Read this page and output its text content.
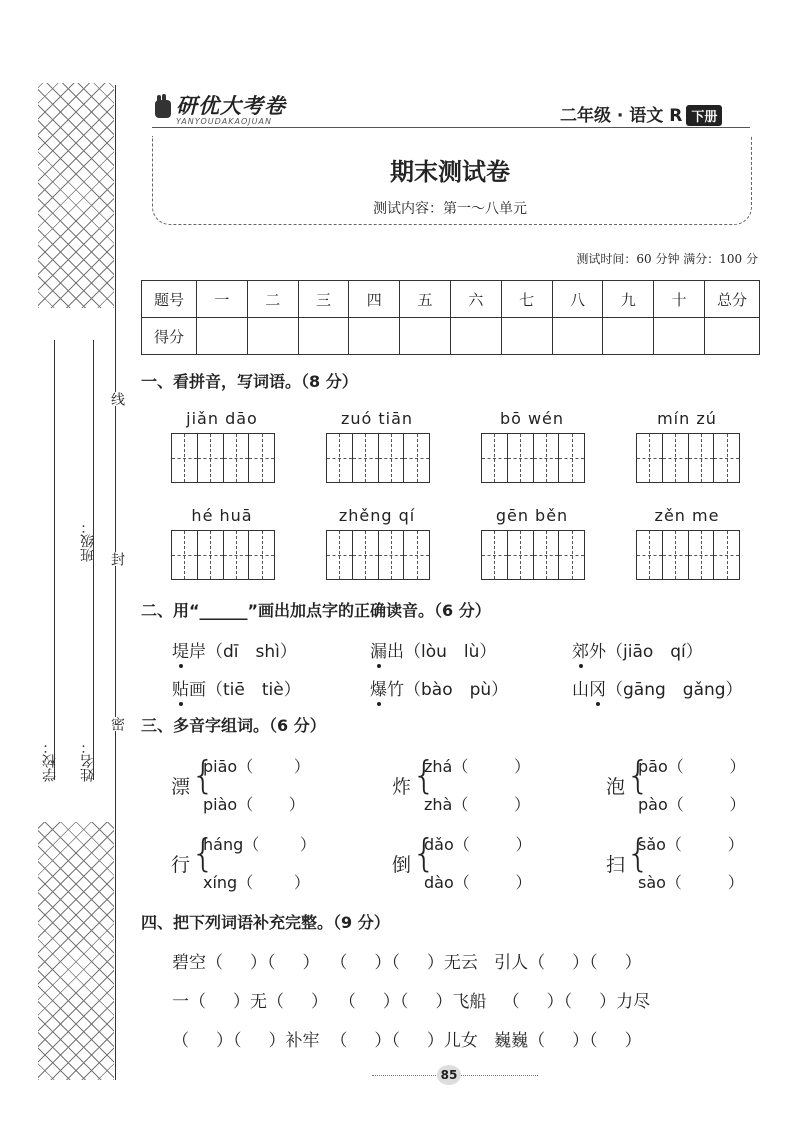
学校： 姓名：
班级：
线
封
密
研优大考卷
YANYOUDAKAOJUAN	二年级 · 语文 R 下册
期末测试卷
测试内容：第一～八单元
测试时间：60 分钟 满分：100 分
题号	一	二	三	四	五	六	七	八	九	十	总分
得分											
一、看拼音，写词语。（8 分）
jiǎn dāo	zuó tiān	bō wén	mín zú
hé huā	zhěng qí	gēn běn	zěn me
二、用“______”画出加点字的正确读音。（6 分）
堤岸（dī　shì）	漏出（lòu　lù）	郊外（jiāo　qí）
贴画（tiē　tiè）	爆竹（bào　pù）	山冈（gāng　gǎng）
三、多音字组词。（6 分）
漂 {
piāo（        ）
piào（       ）
炸 {
zhá（         ）
zhà（         ）
泡 {
pāo（         ）
pào（         ）
行 {
háng（        ）
xíng（        ）
倒 {
dǎo（         ）
dào（         ）
扫 {
sǎo（         ）
sào（         ）
四、把下列词语补充完整。（9 分）
碧空（     ）（     ）  （     ）（     ）无云   引人（     ）（     ）
一（     ）无（     ）  （     ）（     ）飞船   （     ）（     ）力尽
（     ）（     ）补牢  （     ）（     ）儿女   巍巍（     ）（     ）
85
